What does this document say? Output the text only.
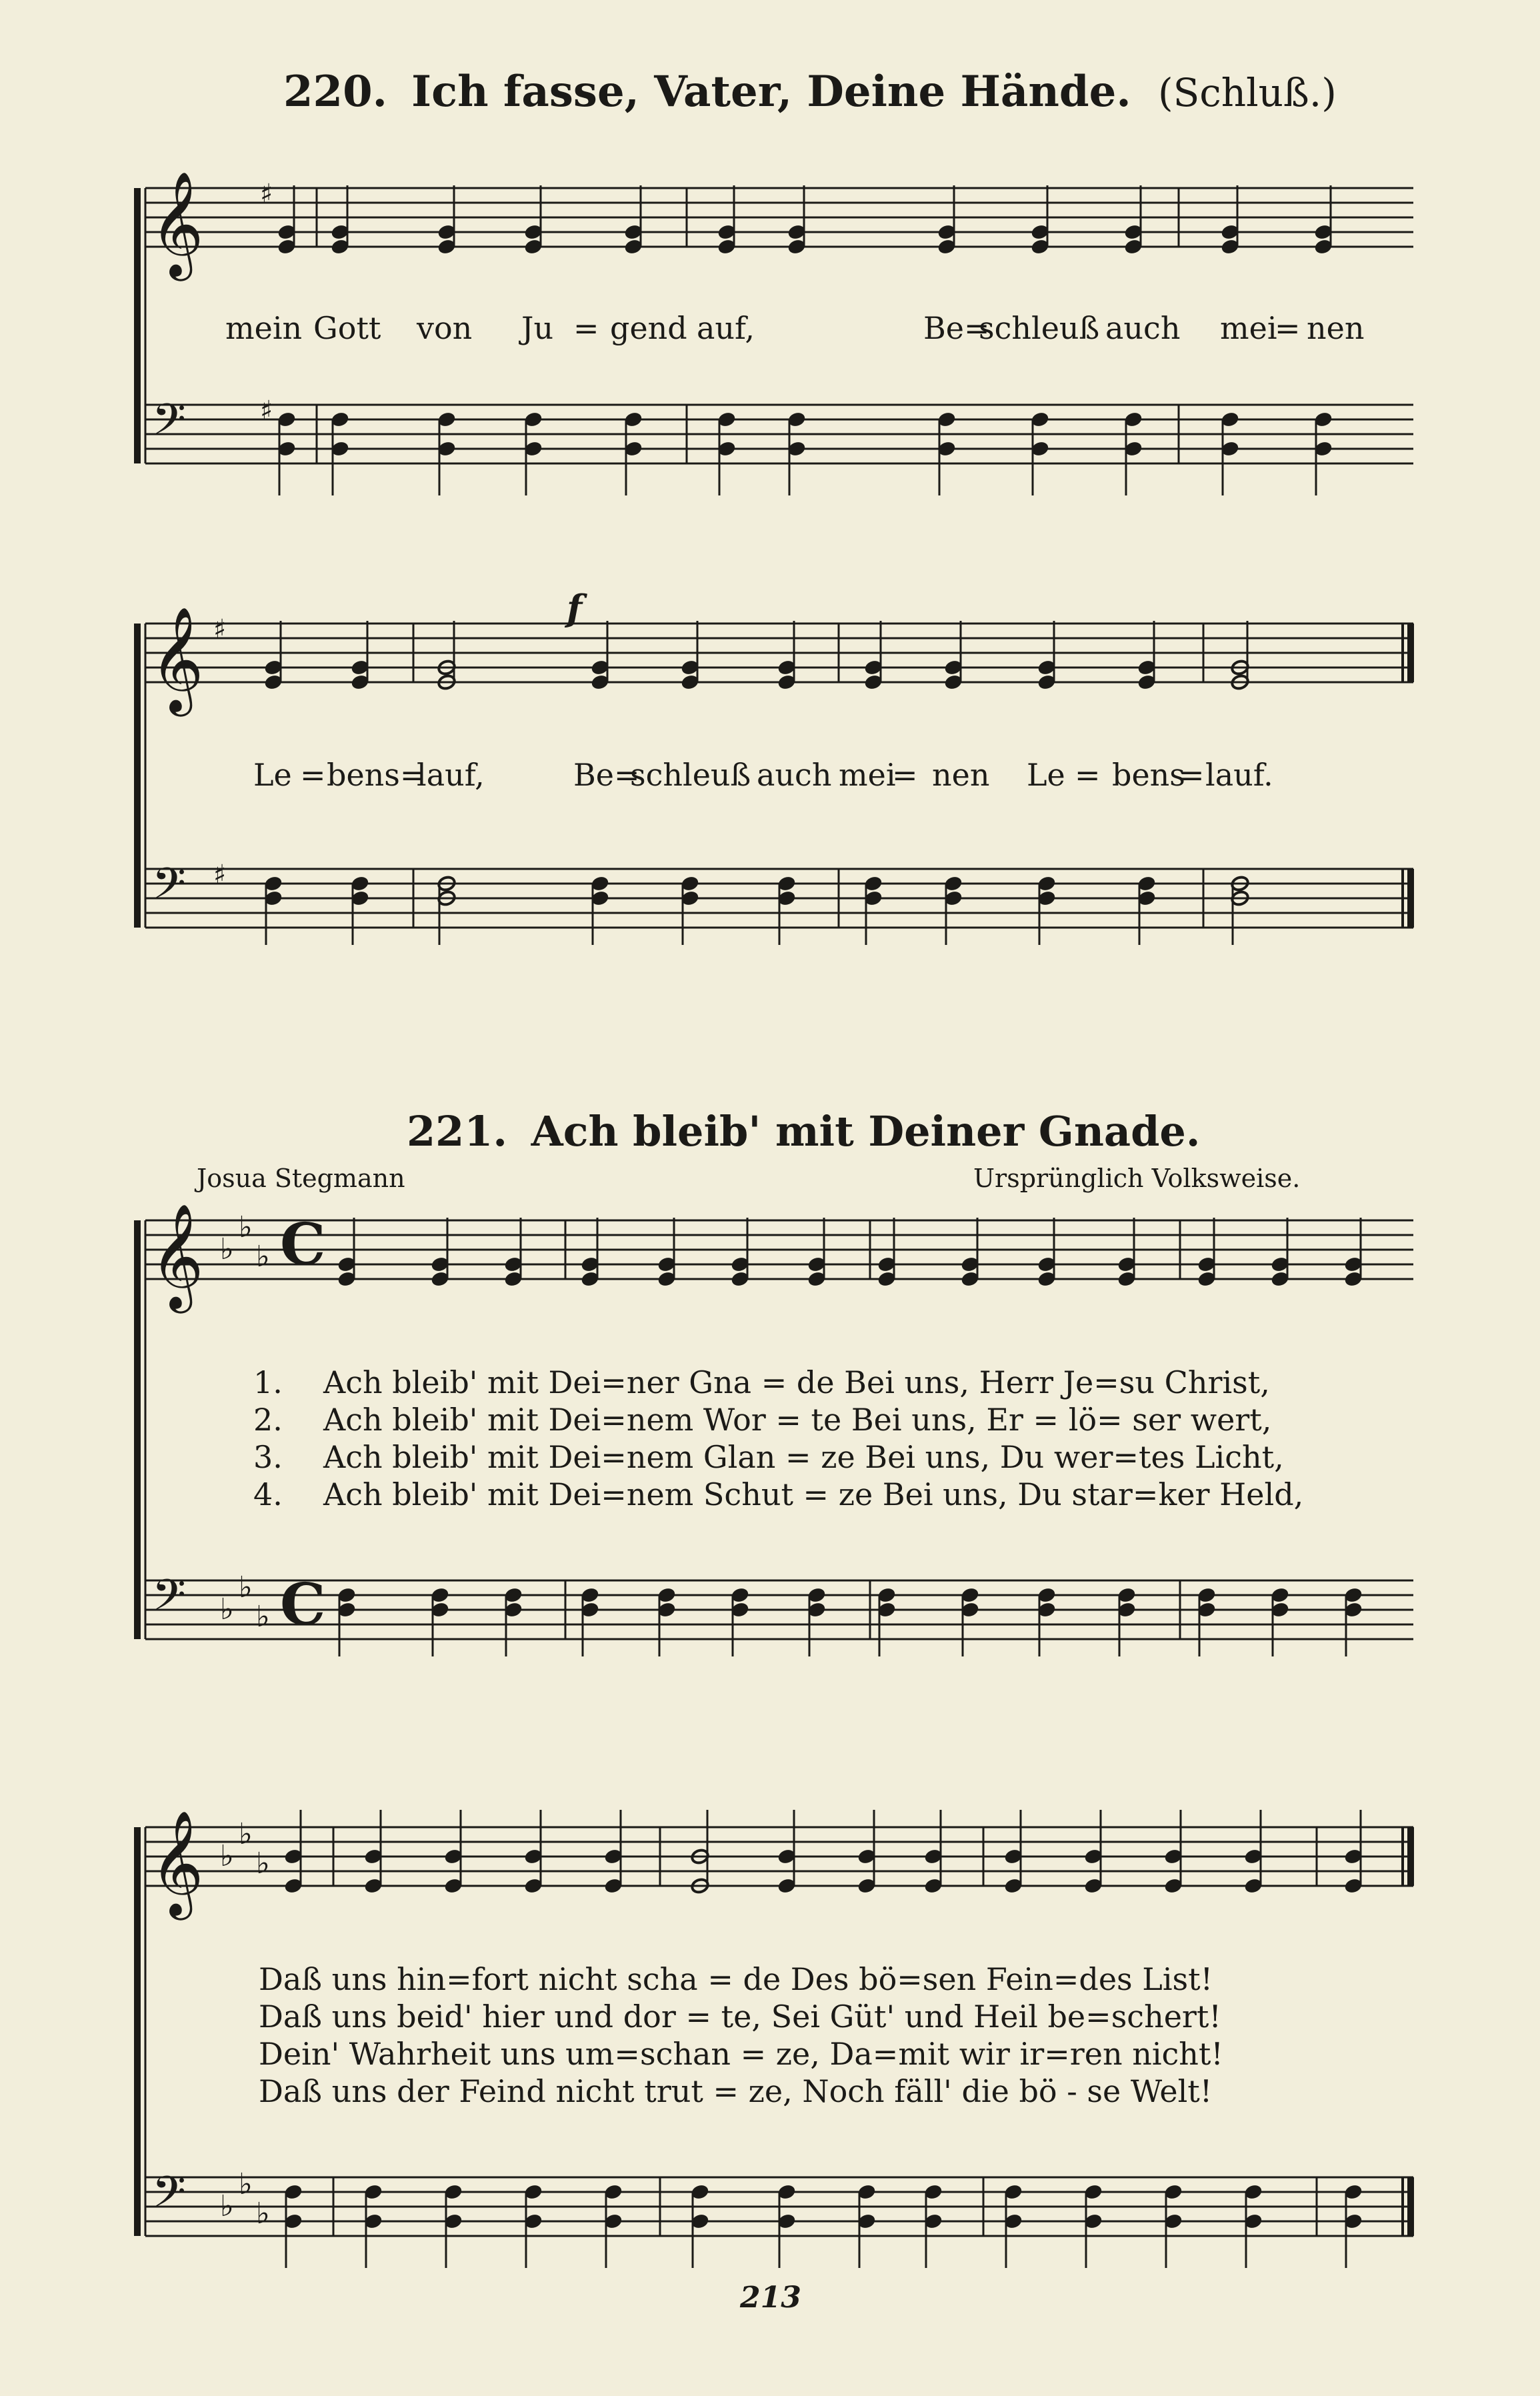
220. Ich fasse, Vater, Deine Hände. (Schluß.)
mein Gott von Ju = gend auf,	Be=
schleuß auch mei
= nen
f
Le = bens=
lauf,	Be=
schleuß auch mei
= nen Le = bens
= lauf.
221. Ach bleib' mit Deiner Gnade.
Josua Stegmann	Ursprünglich Volksweise.
1. Ach bleib' mit Dei=ner Gna = de Bei uns, Herr Je=su Christ,
2. Ach bleib' mit Dei=nem Wor = te Bei uns, Er = lö= ser wert,
3. Ach bleib' mit Dei=nem Glan = ze Bei uns, Du wer=tes Licht,
4. Ach bleib' mit Dei=nem Schut = ze Bei uns, Du star=ker Held,
Daß uns hin=fort nicht scha = de Des bö=sen Fein=des List!
Daß uns beid' hier und dor = te, Sei Güt' und Heil be=schert!
Dein' Wahrheit uns um=schan = ze, Da=mit wir ir=ren nicht!
Daß uns der Feind nicht trut = ze, Noch fäll' die bö - se Welt!
213
𝄞
𝄢
♯
♯
𝄞
𝄢
♯
♯
𝄞
𝄢
♭
♭
♭
♭
♭
♭
𝄞
𝄢
♭
♭
♭
♭
♭
♭
C
C
